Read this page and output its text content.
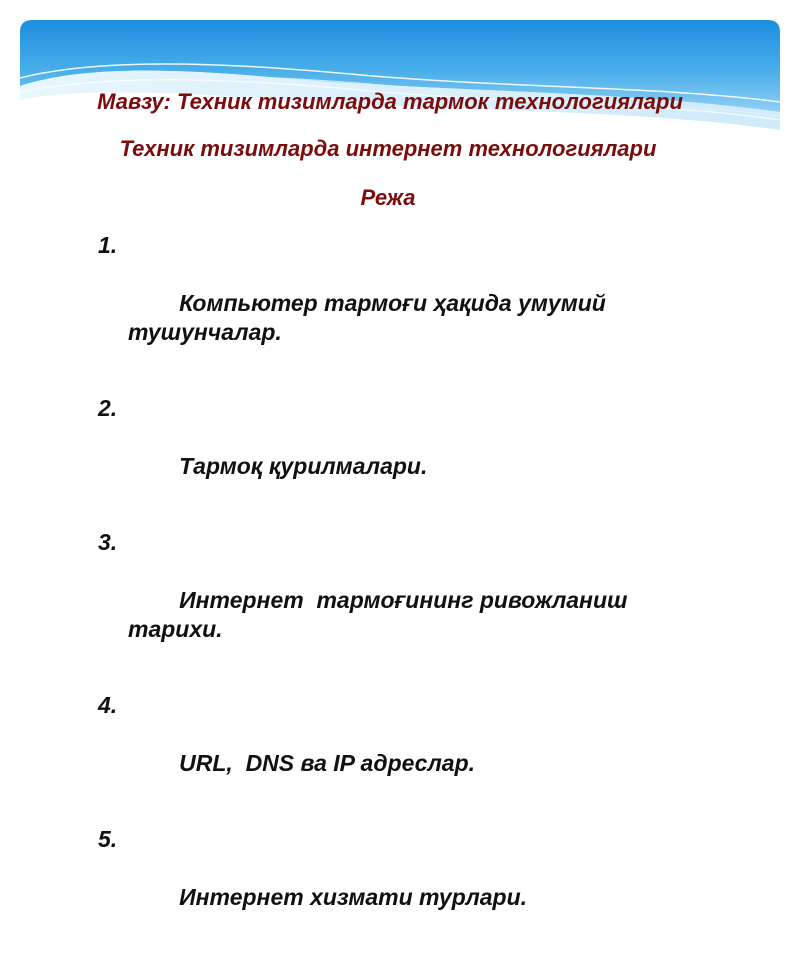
Мавзу: Техник тизимларда тармок технологиялари
Техник тизимларда интернет технологиялари
Режа

1.

Компьютер тармоғи ҳақида умумий
тушунчалар.

2.

Тармоқ қурилмалари.

3.

Интернет  тармоғининг ривожланиш
тарихи.

4.

URL,  DNS ва IP адреслар.

5.

Интернет хизмати турлари.
